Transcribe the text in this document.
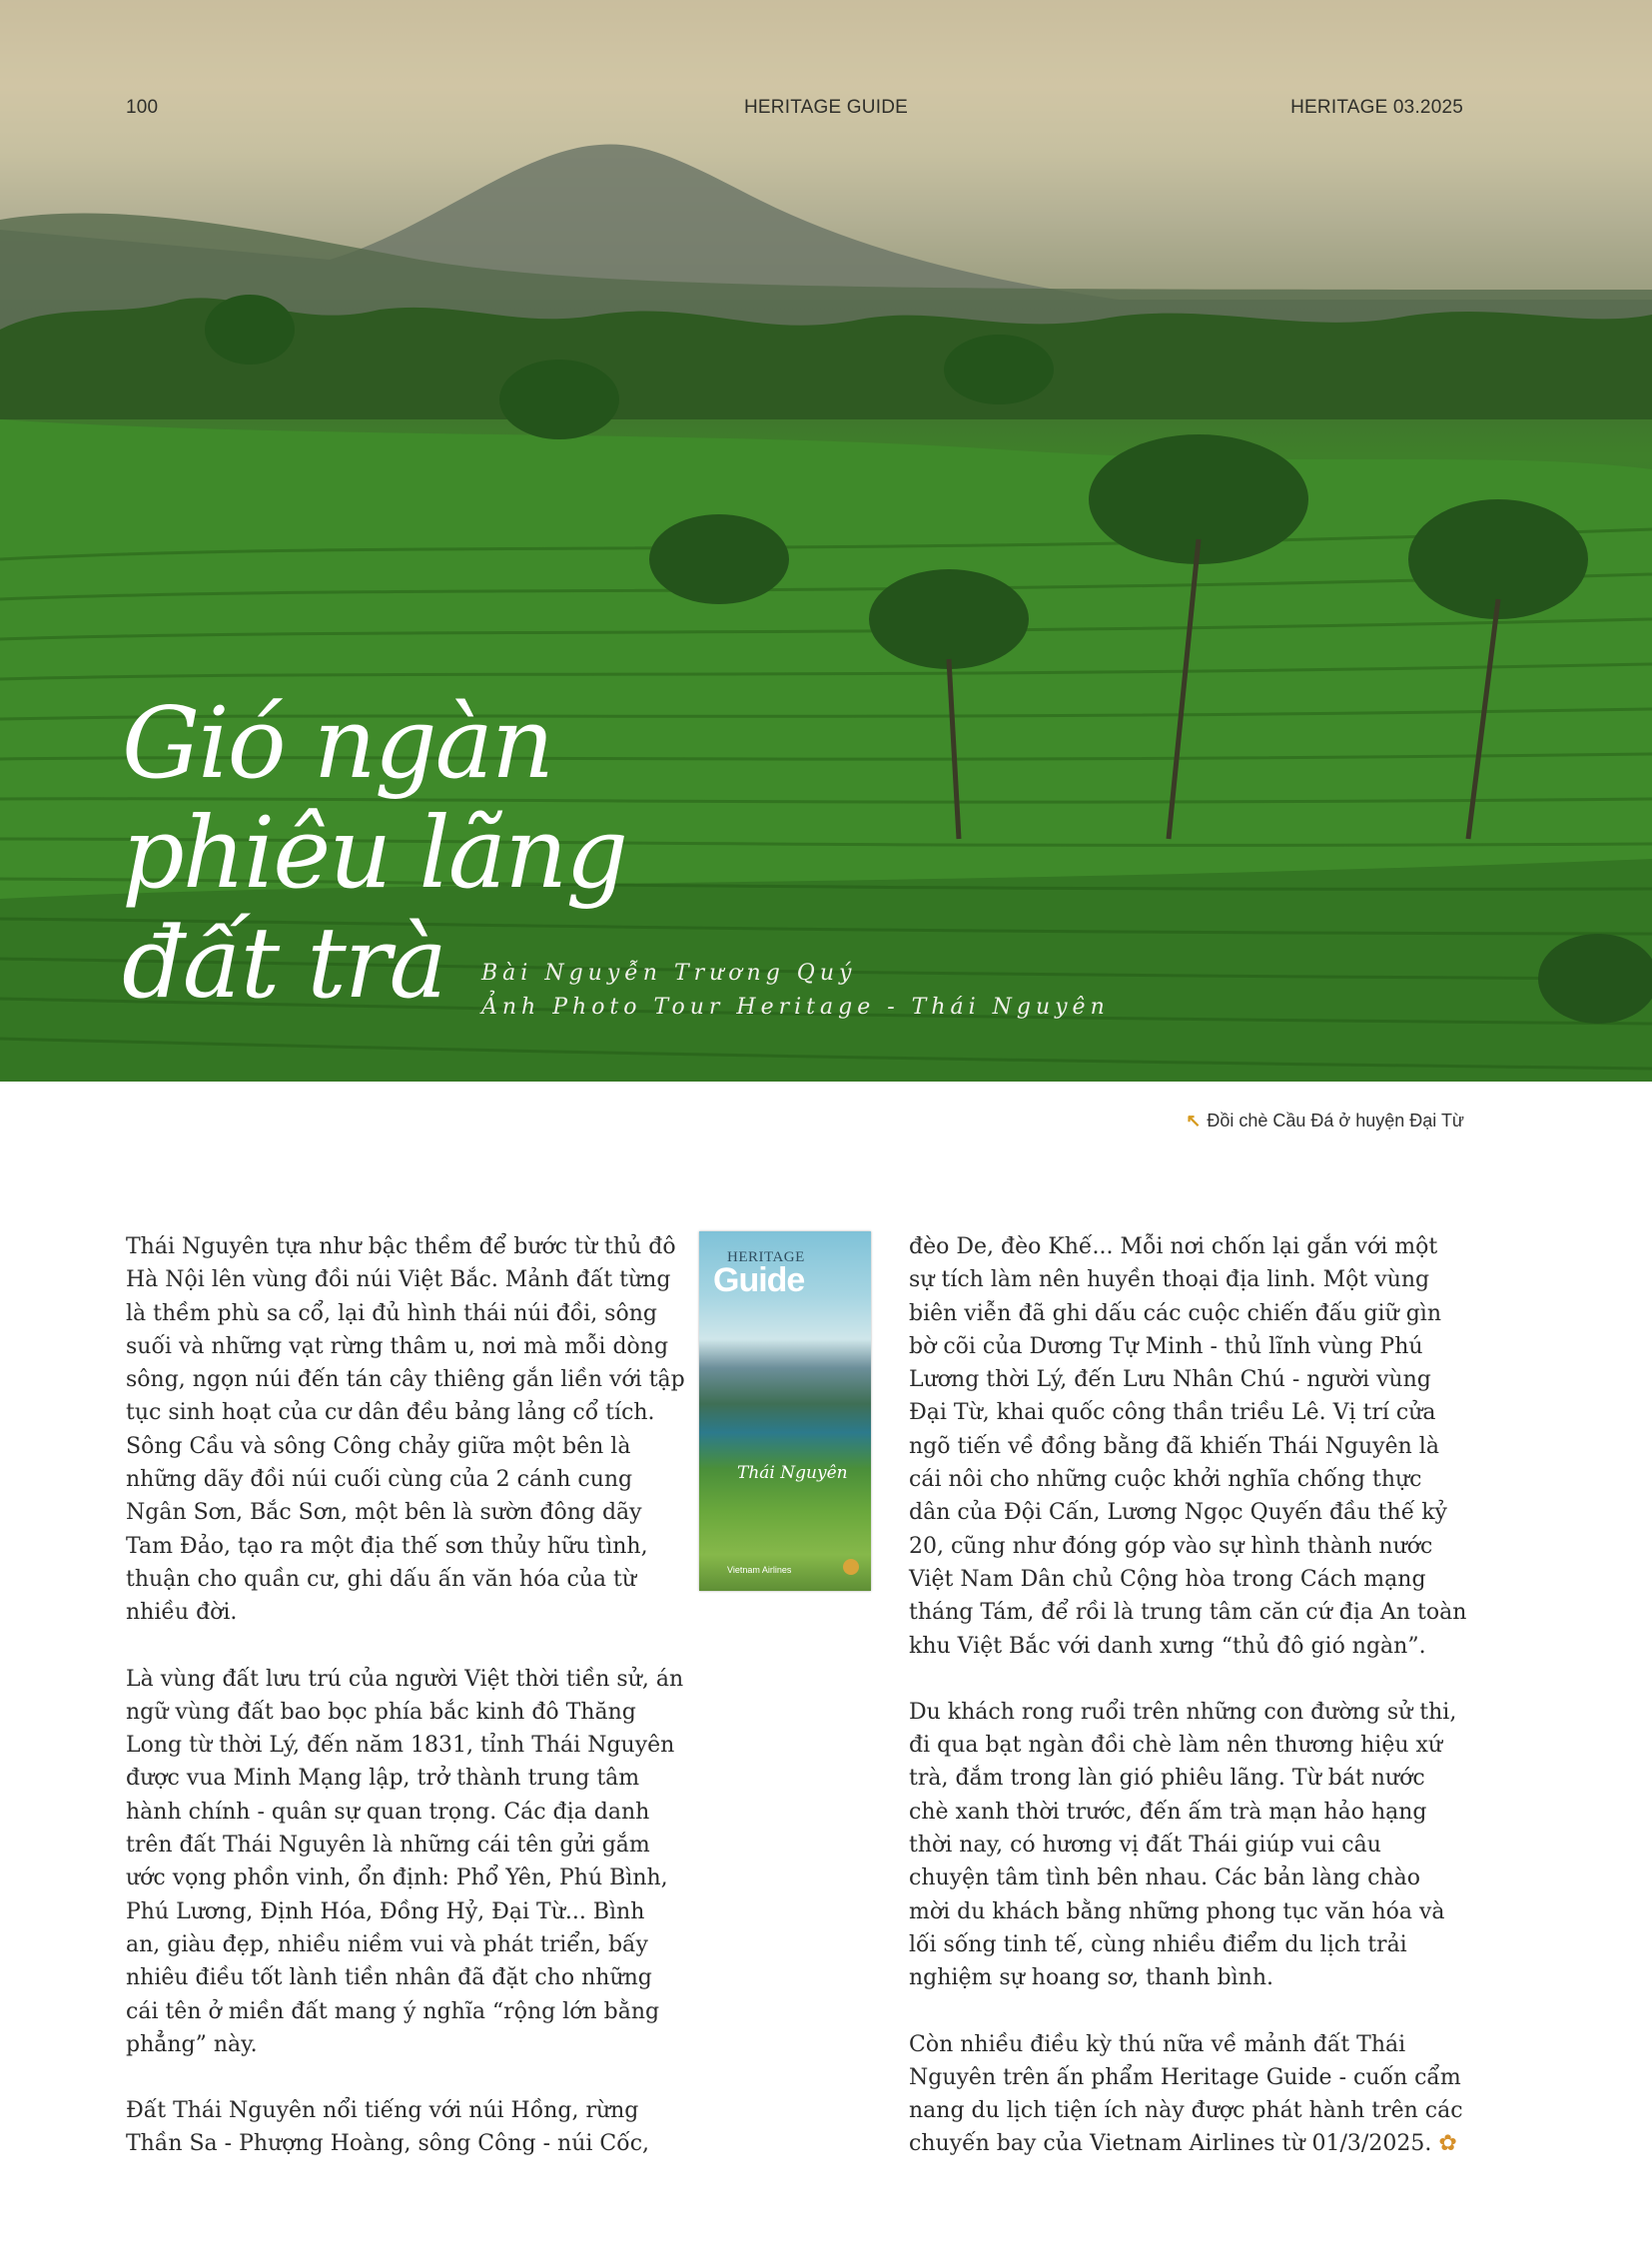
100	HERITAGE GUIDE	HERITAGE 03.2025
Gió ngàn
phiêu lãng
đất trà	Bài Nguyễn Trương Quý
Ảnh Photo Tour Heritage - Thái Nguyên
↖ Đồi chè Cầu Đá ở huyện Đại Từ

Thái Nguyên tựa như bậc thềm để bước từ thủ đô Hà Nội lên vùng đồi núi Việt Bắc. Mảnh đất từng là thềm phù sa cổ, lại đủ hình thái núi đồi, sông suối và những vạt rừng thâm u, nơi mà mỗi dòng sông, ngọn núi đến tán cây thiêng gắn liền với tập tục sinh hoạt của cư dân đều bảng lảng cổ tích. Sông Cầu và sông Công chảy giữa một bên là những dãy đồi núi cuối cùng của 2 cánh cung Ngân Sơn, Bắc Sơn, một bên là sườn đông dãy Tam Đảo, tạo ra một địa thế sơn thủy hữu tình, thuận cho quần cư, ghi dấu ấn văn hóa của từ nhiều đời.

Là vùng đất lưu trú của người Việt thời tiền sử, án ngữ vùng đất bao bọc phía bắc kinh đô Thăng Long từ thời Lý, đến năm 1831, tỉnh Thái Nguyên được vua Minh Mạng lập, trở thành trung tâm hành chính - quân sự quan trọng. Các địa danh trên đất Thái Nguyên là những cái tên gửi gắm ước vọng phồn vinh, ổn định: Phổ Yên, Phú Bình, Phú Lương, Định Hóa, Đồng Hỷ, Đại Từ... Bình an, giàu đẹp, nhiều niềm vui và phát triển, bấy nhiêu điều tốt lành tiền nhân đã đặt cho những cái tên ở miền đất mang ý nghĩa “rộng lớn bằng phẳng” này.

Đất Thái Nguyên nổi tiếng với núi Hồng, rừng Thần Sa - Phượng Hoàng, sông Công - núi Cốc,

HERITAGE
Guide
Thái Nguyên
Vietnam Airlines

đèo De, đèo Khế... Mỗi nơi chốn lại gắn với một sự tích làm nên huyền thoại địa linh. Một vùng biên viễn đã ghi dấu các cuộc chiến đấu giữ gìn bờ cõi của Dương Tự Minh - thủ lĩnh vùng Phú Lương thời Lý, đến Lưu Nhân Chú - người vùng Đại Từ, khai quốc công thần triều Lê. Vị trí cửa ngõ tiến về đồng bằng đã khiến Thái Nguyên là cái nôi cho những cuộc khởi nghĩa chống thực dân của Đội Cấn, Lương Ngọc Quyến đầu thế kỷ 20, cũng như đóng góp vào sự hình thành nước Việt Nam Dân chủ Cộng hòa trong Cách mạng tháng Tám, để rồi là trung tâm căn cứ địa An toàn khu Việt Bắc với danh xưng “thủ đô gió ngàn”.

Du khách rong ruổi trên những con đường sử thi, đi qua bạt ngàn đồi chè làm nên thương hiệu xứ trà, đắm trong làn gió phiêu lãng. Từ bát nước chè xanh thời trước, đến ấm trà mạn hảo hạng thời nay, có hương vị đất Thái giúp vui câu chuyện tâm tình bên nhau. Các bản làng chào mời du khách bằng những phong tục văn hóa và lối sống tinh tế, cùng nhiều điểm du lịch trải nghiệm sự hoang sơ, thanh bình.

Còn nhiều điều kỳ thú nữa về mảnh đất Thái Nguyên trên ấn phẩm Heritage Guide - cuốn cẩm nang du lịch tiện ích này được phát hành trên các chuyến bay của Vietnam Airlines từ 01/3/2025. ✿
